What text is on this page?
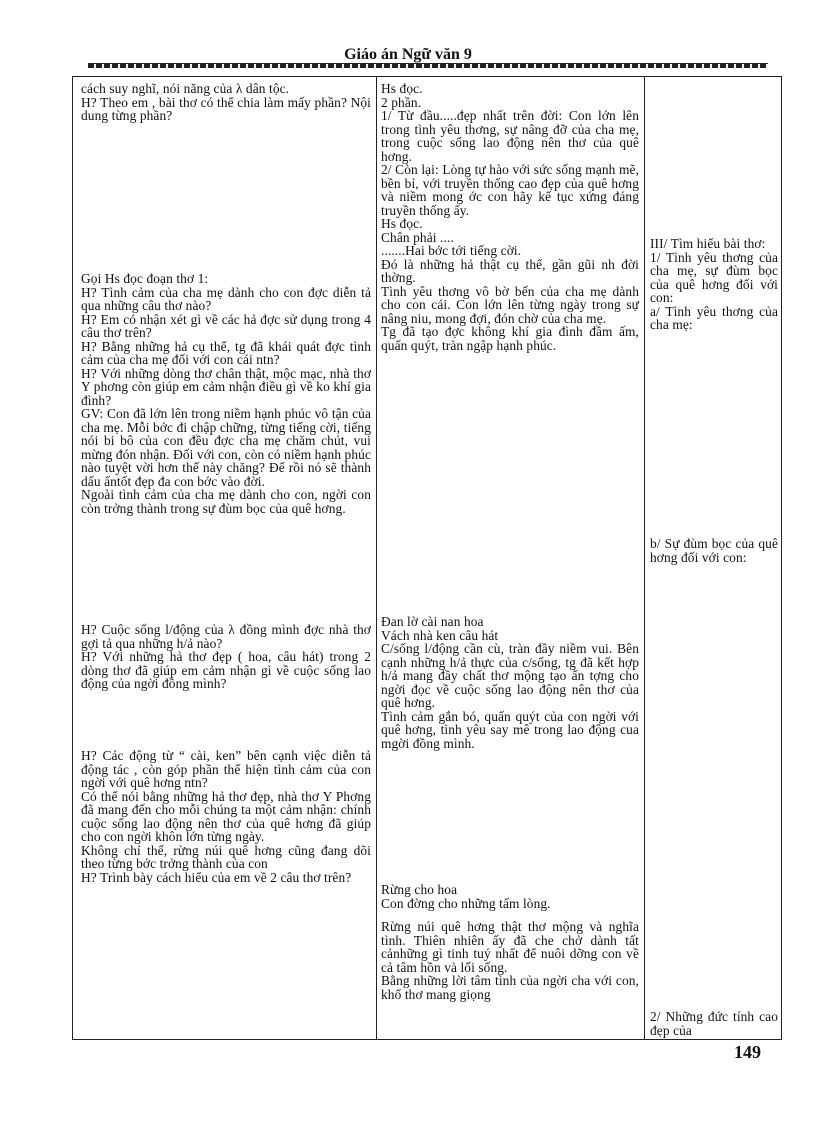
Giáo án Ngữ văn 9

cách suy nghĩ, nói năng của λ dân tộc.

H? Theo em , bài thơ có thể chia làm mấy phần? Nội dung từng phần?

Gọi Hs đọc đoạn thơ 1:

H? Tình cảm của cha mẹ dành cho con đợc diễn tả qua những câu thơ nào?

H? Em có nhận xét gì về các hả đợc sử dụng trong 4 câu thơ trên?

H? Bằng những hả cụ thể, tg đã khái quát đợc tình cảm của cha mẹ đối với con cái ntn?

H? Với những dòng thơ chân thật, mộc mạc, nhà thơ Y phơng còn giúp em cảm nhận điều gì về ko khí gia đình?

GV: Con đã lớn lên trong niềm hạnh phúc vô tận của cha mẹ. Mỗi bớc đi chập chững, từng tiếng cời, tiếng nói bi bô của con đều đợc cha mẹ chăm chút, vui mừng đón nhận. Đối với con, còn có niềm hạnh phúc nào tuyệt vời hơn thế này chăng? Để rồi nó sẽ thành dấu ấntốt đẹp đa con bớc vào đời.

Ngoài tình cảm của cha mẹ dành cho con, ngời con còn trởng thành trong sự đùm bọc của quê hơng.

H? Cuộc sống l/động của λ đồng mình đợc nhà thơ gợi tả qua những h/ả nào?

H? Với những hả thơ đẹp ( hoa, câu hát) trong 2 dòng thơ đã giúp em cảm nhận gì về cuộc sống lao động của ngời đồng mình?

H? Các động từ “ cài, ken” bên cạnh việc diễn tả động tác , còn góp phần thể hiện tình cảm của con ngời với quê hơng ntn?

Có thể nói bằng những hả thơ đẹp, nhà thơ Y Phơng đã mang đến cho mỗi chúng ta một cảm nhận: chính cuộc sống lao động nên thơ của quê hơng đã giúp cho con ngời khôn lớn từng ngày.

Không chỉ thế, rừng núi quê hơng cũng đang dõi theo từng bớc trởng thành của con

H? Trình bày cách hiểu của em về 2 câu thơ trên?

Hs đọc.

2 phần.

1/ Từ đầu.....đẹp nhất trên đời: Con lớn lên trong tình yêu thơng, sự nâng đỡ của cha mẹ, trong cuộc sống lao động nên thơ của quê hơng.

2/ Còn lại: Lòng tự hào với sức sống mạnh mẽ, bền bỉ, với truyền thống cao đẹp của quê hơng và niềm mong ớc con hãy kế tục xứng đáng truyền thống ấy.

Hs đọc.

Chân phải ....

.......Hai bớc tới tiếng cời.

Đó là những hả thật cụ thể, gần gũi nh đời thờng.

Tình yêu thơng vô bờ bến của cha mẹ dành cho con cái. Con lớn lên từng ngày trong sự nâng niu, mong đợi, đón chờ của cha mẹ.

Tg đã tạo đợc không khí gia đình đầm ấm, quấn quýt, tràn ngập hạnh phúc.

Đan lờ cài nan hoa

Vách nhà ken câu hát

C/sống l/động cần cù, tràn đầy niềm vui. Bên cạnh những h/ả thực của c/sống, tg đã kết hợp h/ả mang đầy chất thơ mộng tạo ấn tợng cho ngời đọc về cuộc sống lao động nên thơ của quê hơng.

Tình cảm gắn bó, quấn quýt của con ngời với quê hơng, tình yêu say mê trong lao động cua mgời đồng mình.

Rừng cho hoa

Con đờng cho những tấm lòng.

Rừng núi quê hơng thật thơ mộng và nghĩa tình. Thiên nhiên ấy đã che chở dành tất cảnhững gì tinh tuý nhất để nuôi dỡng con về cả tâm hồn và lối sống.

Bằng những lời tâm tình của ngời cha với con, khổ thơ mang giọng

III/ Tìm hiểu bài thơ:

1/ Tình yêu thơng của cha mẹ, sự đùm bọc của quê hơng đối với con:

a/ Tình yêu thơng của cha mẹ:

b/ Sự đùm bọc của quê hơng đối với con:

2/ Những đức tính cao đẹp của

149
